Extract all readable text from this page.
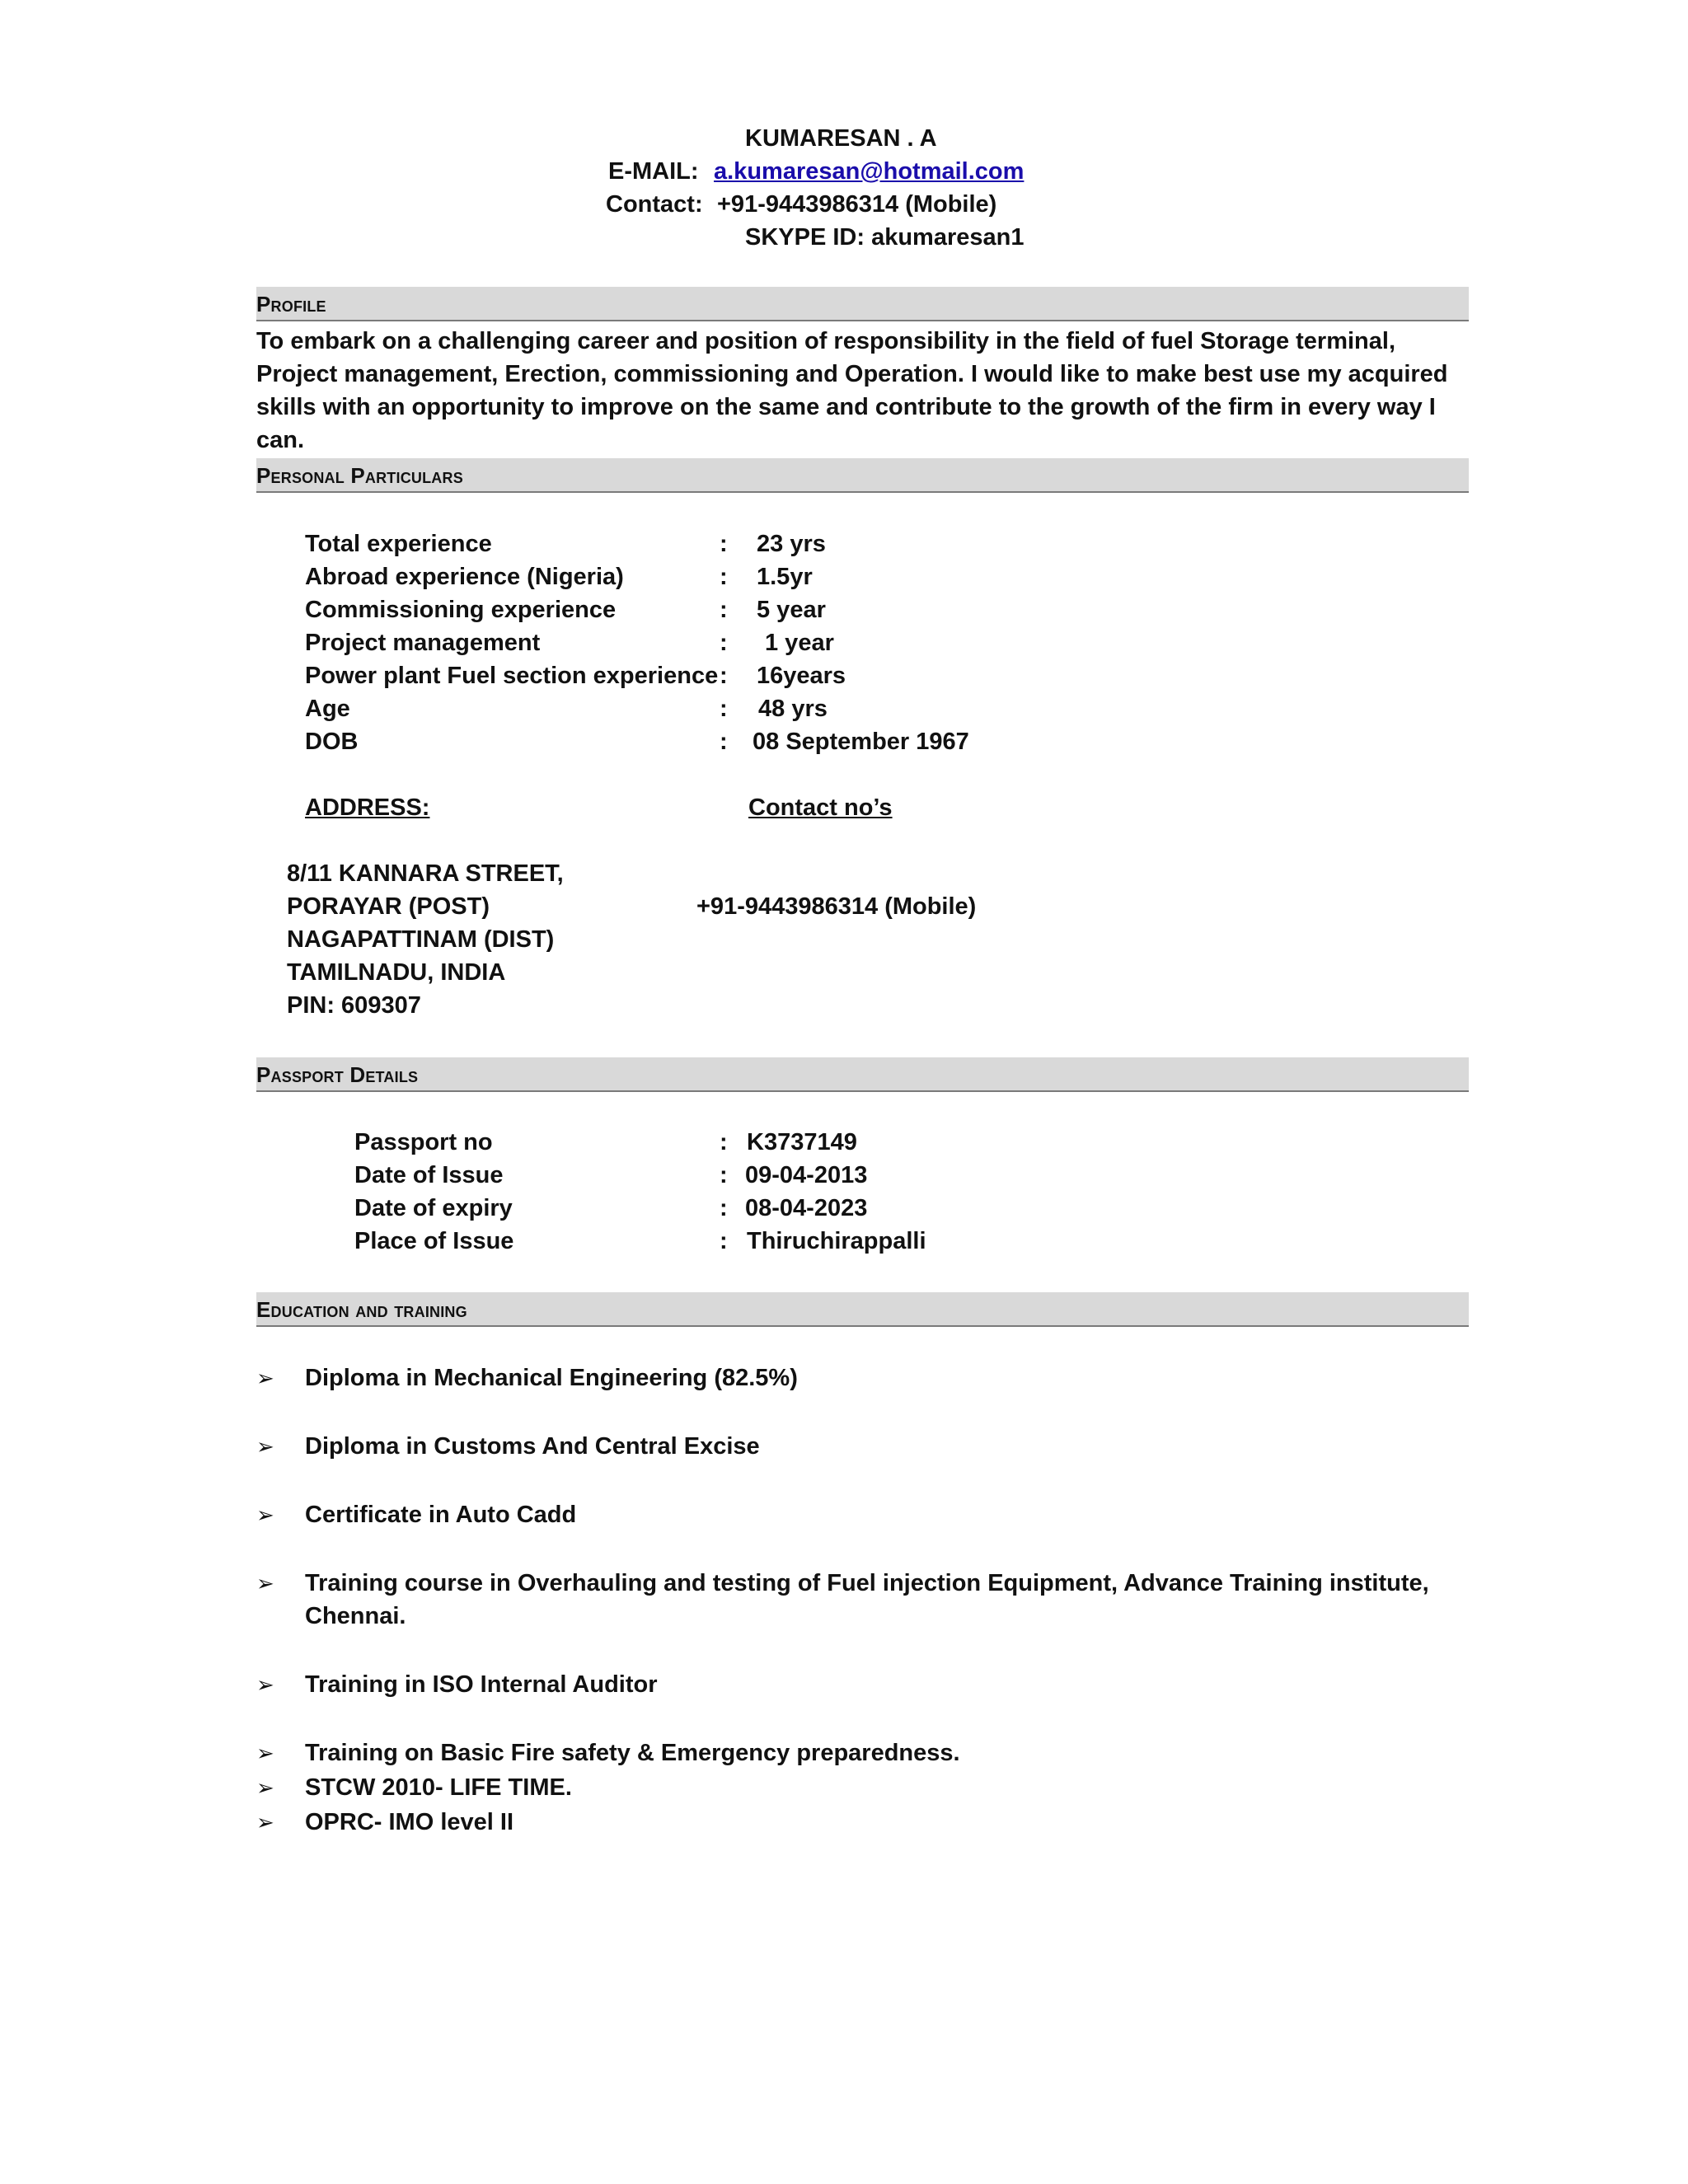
KUMARESAN . A
E-MAIL: a.kumaresan@hotmail.com
Contact: +91-9443986314 (Mobile)
SKYPE ID: akumaresan1
Profile
To embark on a challenging career and position of responsibility in the field of fuel Storage terminal, Project management, Erection, commissioning and Operation. I would like to make best use my acquired skills with an opportunity to improve on the same and contribute to the growth of the firm in every way I can.
Personal Particulars
Total experience	: 23 yrs
Abroad experience (Nigeria)	: 1.5yr
Commissioning experience	: 5 year
Project management	: 1 year
Power plant Fuel section experience : 16years
Age	: 48 yrs
DOB	: 08 September 1967
ADDRESS:	Contact no’s
8/11 KANNARA STREET,
PORAYAR (POST)
NAGAPATTINAM (DIST)
TAMILNADU, INDIA
PIN: 609307
+91-9443986314 (Mobile)
Passport Details
Passport no	: K3737149
Date of Issue	: 09-04-2013
Date of expiry	: 08-04-2023
Place of Issue	: Thiruchirappalli
Education and training
➢ Diploma in Mechanical Engineering (82.5%)
➢ Diploma in Customs And Central Excise
➢ Certificate in Auto Cadd
➢ Training course in Overhauling and testing of Fuel injection Equipment, Advance Training institute, Chennai.
➢ Training in ISO Internal Auditor
➢ Training on Basic Fire safety & Emergency preparedness.
➢ STCW 2010- LIFE TIME.
➢ OPRC- IMO level II
